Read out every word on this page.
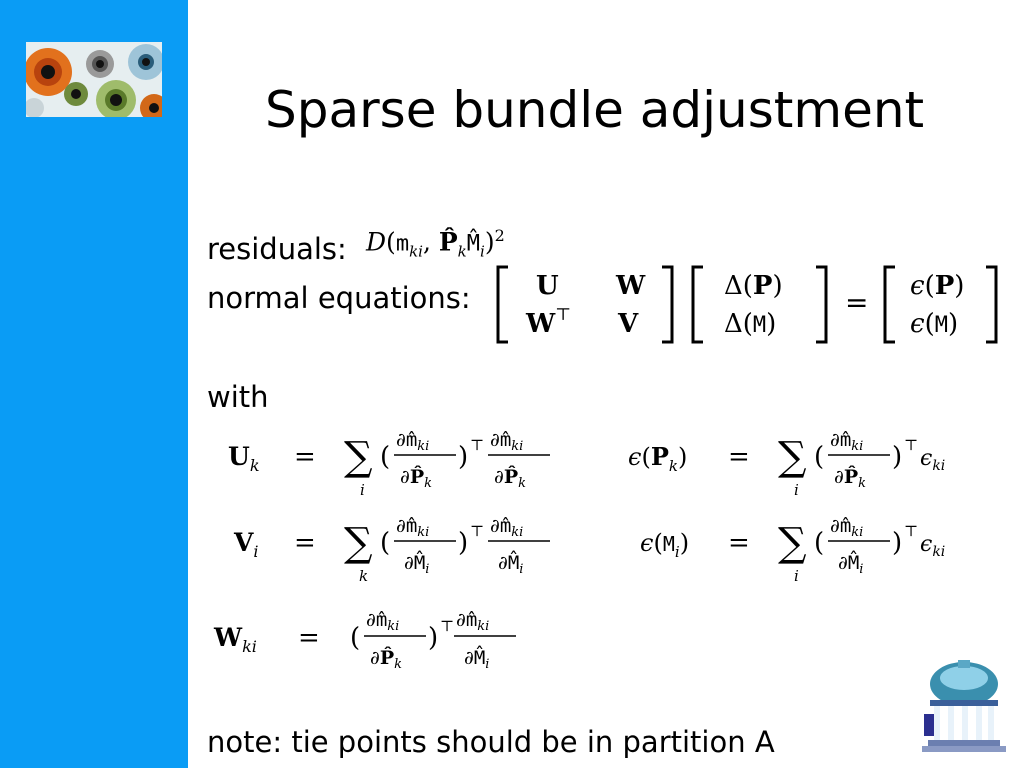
Sparse bundle adjustment
residuals: $D(m_{ki}$, $P̂_kM̂_i)^2$
normal equations:	U W
W⊤ V
Δ(P)
Δ(M)
= ϵ(P)
ϵ(M)
with
$U_k$ = ∑
i
(
$\partial m̂_{ki}$
$\partial P̂_k$
) ⊤ $\partial m̂_{ki}$
$\partial P̂_k$
$V_i$ = ∑
k
(
$\partial m̂_{ki}$
$\partial M̂_i$
) ⊤ $\partial m̂_{ki}$
$\partial M̂_i$
$W_{ki}$ = (
$\partial m̂_{ki}$
$\partial P̂_k$
) ⊤ $\partial m̂_{ki}$
$\partial M̂_i$
$\epsilon(P_k)$ = ∑
i
(
$\partial m̂_{ki}$
$\partial P̂_k$
) ⊤
$\epsilon_{ki}$
$\epsilon(M_i)$ = ∑
i
(
$\partial m̂_{ki}$
$\partial M̂_i$
) ⊤
$\epsilon_{ki}$
note: tie points should be in partition A
